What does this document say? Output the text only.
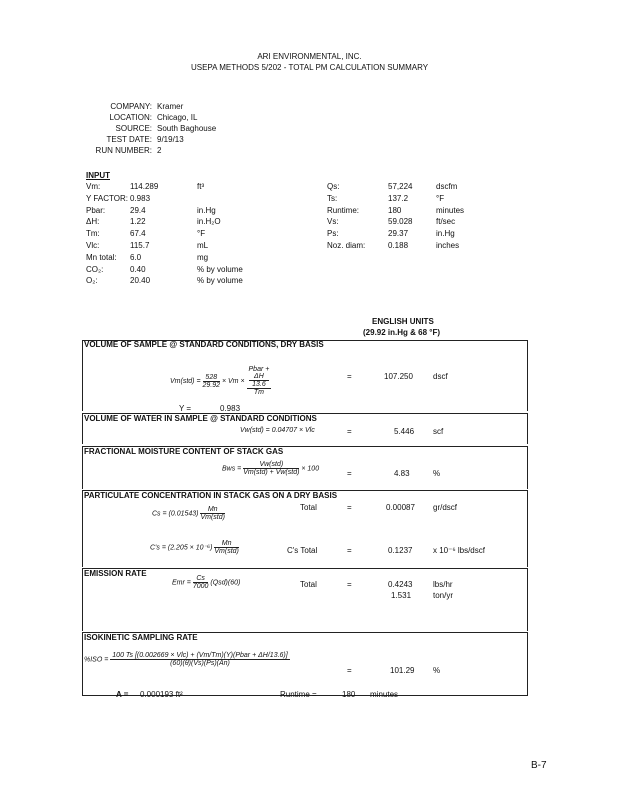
ARI ENVIRONMENTAL, INC.
USEPA METHODS 5/202 - TOTAL PM CALCULATION SUMMARY
COMPANY: Kramer
LOCATION: Chicago, IL
SOURCE: South Baghouse
TEST DATE: 9/19/13
RUN NUMBER: 2
INPUT
Vm:	114.289	ft³
Y FACTOR: 0.983
Pbar:	29.4	in.Hg
ΔH:	1.22	in.H₂O
Tm:	67.4	°F
Vlc:	115.7	mL
Mn total: 6.0	mg
CO₂:	0.40	% by volume
O₂:	20.40	% by volume
Qs:	57,224	dscfm
Ts:	137.2	°F
Runtime:	180	minutes
Vs:	59.028	ft/sec
Ps:	29.37	in.Hg
Noz. diam:	0.188	inches
ENGLISH UNITS
(29.92 in.Hg & 68 °F)
VOLUME OF SAMPLE @ STANDARD CONDITIONS, DRY BASIS
$Vm(std) = \frac{528}{29.92} \times Vm$ × Pbar +
ΔH
13.6
Tm	=	107.250	dscf
Y =	0.983
VOLUME OF WATER IN SAMPLE @ STANDARD CONDITIONS
Vw(std) = 0.04707 × Vlc	=	5.446 scf
FRACTIONAL MOISTURE CONTENT OF STACK GAS
Bws = $\frac{\text{Vw(std)}}{\text{Vm(std) + Vw(std)}} \times 100$
=	4.83	%
PARTICULATE CONCENTRATION IN STACK GAS ON A DRY BASIS
$Cs = (0.01543) \frac{Mn}{\text{Vm(std)}}$	Total	=	0.00087 gr/dscf
$C's = (2.205 \times 10^{-6}) \frac{Mn}{\text{Vm(std)}}$	C's Total	=	0.1237	x 10⁻⁶ lbs/dscf
EMISSION RATE
Emr = $\frac{Cs}{7000} (Qsd)(60)$	Total	=	0.4243	lbs/hr
1.531	ton/yr
ISOKINETIC SAMPLING RATE
$\%ISO = \frac{\text{100 Ts [(0.002669 × Vlc) + (Vm/Tm)(Y)(Pbar + ΔH/13.6)]}}{(60)(\theta)(Vs)(Ps)(An)}$
=	101.29 %
A = 0.000193 ft²	Runtime =	180 minutes
B-7
